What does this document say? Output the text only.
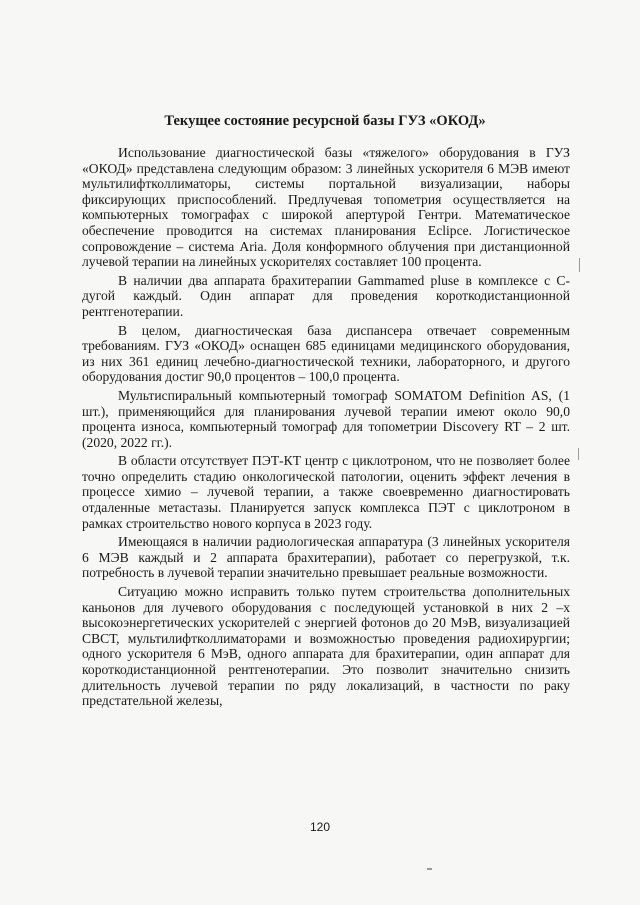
Текущее состояние ресурсной базы ГУЗ «ОКОД»

Использование диагностической базы «тяжелого» оборудования в ГУЗ «ОКОД» представлена следующим образом: 3 линейных ускорителя 6 МЭВ имеют мультилифтколлиматоры, системы портальной визуализации, наборы фиксирующих приспособлений. Предлучевая топометрия осуществляется на компьютерных томографах с широкой апертурой Гентри. Математическое обеспечение проводится на системах планирования Eclipce. Логистическое сопровождение – система Aria. Доля конформного облучения при дистанционной лучевой терапии на линейных ускорителях составляет 100 процента.

В наличии два аппарата брахитерапии Gammamed pluse в комплексе с С-дугой каждый. Один аппарат для проведения короткодистанционной рентгенотерапии.

В целом, диагностическая база диспансера отвечает современным требованиям. ГУЗ «ОКОД» оснащен 685 единицами медицинского оборудования, из них 361 единиц лечебно-диагностической техники, лабораторного, и другого оборудования достиг 90,0 процентов – 100,0 процента.

Мультиспиральный компьютерный томограф SOMATOM Definition AS, (1 шт.), применяющийся для планирования лучевой терапии имеют около 90,0 процента износа, компьютерный томограф для топометрии Discovery RT – 2 шт. (2020, 2022 гг.).

В области отсутствует ПЭТ-КТ центр с циклотроном, что не позволяет более точно определить стадию онкологической патологии, оценить эффект лечения в процессе химио – лучевой терапии, а также своевременно диагностировать отдаленные метастазы. Планируется запуск комплекса ПЭТ с циклотроном в рамках строительство нового корпуса в 2023 году.

Имеющаяся в наличии радиологическая аппаратура (3 линейных ускорителя 6 МЭВ каждый и 2 аппарата брахитерапии), работает со перегрузкой, т.к. потребность в лучевой терапии значительно превышает реальные возможности.

Ситуацию можно исправить только путем строительства дополнительных каньонов для лучевого оборудования с последующей установкой в них 2 –х высокоэнергетических ускорителей с энергией фотонов до 20 МэВ, визуализацией СВСТ, мультилифтколлиматорами и возможностью проведения радиохирургии; одного ускорителя 6 МэВ, одного аппарата для брахитерапии, один аппарат для короткодистанционной рентгенотерапии. Это позволит значительно снизить длительность лучевой терапии по ряду локализаций, в частности по раку предстательной железы,

120
